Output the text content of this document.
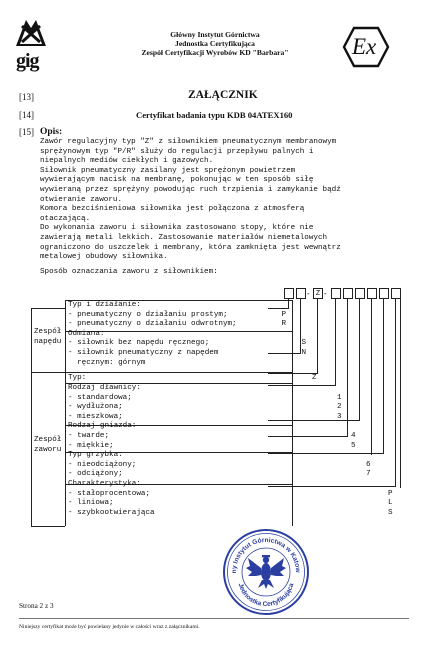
gig
Główny Instytut Górnictwa
Jednostka Certyfikująca
Zespół Certyfikacji Wyrobów KD "Barbara"	Ex
[13]	ZAŁĄCZNIK
[14]	Certyfikat badania typu KDB 04ATEX160
[15] Opis:
Zawór regulacyjny typ "Z" z siłownikiem pneumatycznym membranowym
sprężynowym typ "P/R" służy do regulacji przepływu palnych i
niepalnych mediów ciekłych i gazowych.
Siłownik pneumatyczny zasilany jest sprężonym powietrzem
wywierającym nacisk na membranę, pokonując w ten sposób siłę
wywieraną przez sprężyny powodując ruch trzpienia i zamykanie bądź
otwieranie zaworu.
Komora bezciśnieniowa siłownika jest połączona z atmosferą
otaczającą.
Do wykonania zaworu i siłownika zastosowano stopy, które nie
zawierają metali lekkich. Zastosowanie materiałów niemetalowych
ograniczono do uszczelek i membrany, która zamknięta jest wewnątrz
metalowej obudowy siłownika.
Sposób oznaczania zaworu z siłownikiem:
- Z -
Zespół
napędu
Typ i działanie:
- pneumatyczny o działaniu prostym;	P
- pneumatyczny o działaniu odwrotnym;	R
Odmiana:
- siłownik bez napędu ręcznego;	S
- siłownik pneumatyczny z napędem	N
ręcznym: górnym
Zespół
zaworu
Typ:	Z
Rodzaj dławnicy:
- standardowa;	1
- wydłużona;	2
- mieszkowa;	3
Rodzaj gniazda:
- twarde;	4
- miękkie;	5
Typ grzybka:
- nieodciążony;	6
- odciążony;	7
Charakterystyka:
- stałoprocentowa;	P
- liniowa;	L
- szybkootwierająca	S
ny Instytut Górnictwa w Katow
Jednostka Certyfikująca
Strona 2 z 3
Niniejszy certyfikat może być powielany jedynie w całości wraz z załącznikami.
